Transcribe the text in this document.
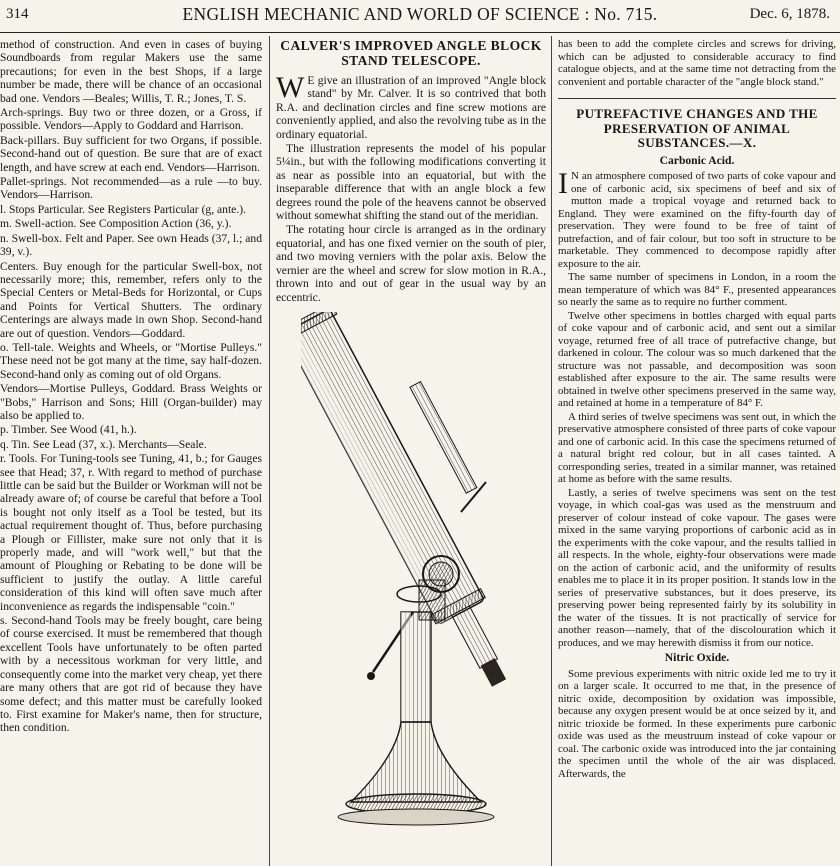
314	ENGLISH MECHANIC AND WORLD OF SCIENCE : No. 715.	Dec. 6, 1878.

method of construction. And even in cases of buying Soundboards from regular Makers use the same precautions; for even in the best Shops, if a large number be made, there will be chance of an occasional bad one. Vendors —Beales; Willis, T. R.; Jones, T. S.

Arch-springs. Buy two or three dozen, or a Gross, if possible. Vendors—Apply to Goddard and Harrison.

Back-pillars. Buy sufficient for two Organs, if possible. Second-hand out of question. Be sure that are of exact length, and have screw at each end. Vendors—Harrison.

Pallet-springs. Not recommended—as a rule —to buy. Vendors—Harrison.

l. Stops Particular. See Registers Particular (g, ante.).

m. Swell-action. See Composition Action (36, y.).

n. Swell-box. Felt and Paper. See own Heads (37, l.; and 39, v.).

Centers. Buy enough for the particular Swell-box, not necessarily more; this, remember, refers only to the Special Centers or Metal-Beds for Horizontal, or Cups and Points for Vertical Shutters. The ordinary Centerings are always made in own Shop. Second-hand are out of question. Vendors—Goddard.

o. Tell-tale. Weights and Wheels, or "Mortise Pulleys." These need not be got many at the time, say half-dozen. Second-hand only as coming out of old Organs.

Vendors—Mortise Pulleys, Goddard. Brass Weights or "Bobs," Harrison and Sons; Hill (Organ-builder) may also be applied to.

p. Timber. See Wood (41, h.).

q. Tin. See Lead (37, x.). Merchants—Seale.

r. Tools. For Tuning-tools see Tuning, 41, b.; for Gauges see that Head; 37, r. With regard to method of purchase little can be said but the Builder or Workman will not be already aware of; of course be careful that before a Tool is bought not only itself as a Tool be tested, but its actual requirement thought of. Thus, before purchasing a Plough or Fillister, make sure not only that it is properly made, and will "work well," but that the amount of Ploughing or Rebating to be done will be sufficient to justify the outlay. A little careful consideration of this kind will often save much after inconvenience as regards the indispensable "coin."

s. Second-hand Tools may be freely bought, care being of course exercised. It must be remembered that though excellent Tools have unfortunately to be often parted with by a necessitous workman for very little, and consequently come into the market very cheap, yet there are many others that are got rid of because they have some defect; and this matter must be carefully looked to. First examine for Maker's name, then for structure, then condition.

CALVER'S IMPROVED ANGLE BLOCK STAND TELESCOPE.

W E give an illustration of an improved "Angle block stand" by Mr. Calver. It is so contrived that both R.A. and declination circles and fine screw motions are conveniently applied, and also the revolving tube as in the ordinary equatorial.

The illustration represents the model of his popular 5¼in., but with the following modifications converting it as near as possible into an equatorial, but with the inseparable difference that with an angle block a few degrees round the pole of the heavens cannot be observed without somewhat shifting the stand out of the meridian.

The rotating hour circle is arranged as in the ordinary equatorial, and has one fixed vernier on the south of pier, and two moving verniers with the polar axis. Below the vernier are the wheel and screw for slow motion in R.A., thrown into and out of gear in the usual way by an eccentric.

has been to add the complete circles and screws for driving, which can be adjusted to considerable accuracy to find catalogue objects, and at the same time not detracting from the convenient and portable character of the "angle block stand."

PUTREFACTIVE CHANGES AND THE PRESERVATION OF ANIMAL SUBSTANCES.—X.
Carbonic Acid.

I N an atmosphere composed of two parts of coke vapour and one of carbonic acid, six specimens of beef and six of mutton made a tropical voyage and returned back to England. They were examined on the fifty-fourth day of preservation. They were found to be free of taint of putrefaction, and of fair colour, but too soft in structure to be marketable. They commenced to decompose rapidly after exposure to the air.

The same number of specimens in London, in a room the mean temperature of which was 84° F., presented appearances so nearly the same as to require no further comment.

Twelve other specimens in bottles charged with equal parts of coke vapour and of carbonic acid, and sent out a similar voyage, returned free of all trace of putrefactive change, but darkened in colour. The colour was so much darkened that the structure was not passable, and decomposition was soon established after exposure to the air. The same results were obtained in twelve other specimens preserved in the same way, and retained at home in a temperature of 84° F.

A third series of twelve specimens was sent out, in which the preservative atmosphere consisted of three parts of coke vapour and one of carbonic acid. In this case the specimens returned of a natural bright red colour, but in all cases tainted. A corresponding series, treated in a similar manner, was retained at home as before with the same results.

Lastly, a series of twelve specimens was sent on the test voyage, in which coal-gas was used as the menstruum and preserver of colour instead of coke vapour. The gases were mixed in the same varying proportions of carbonic acid as in the experiments with the coke vapour, and the results tallied in all respects. In the whole, eighty-four observations were made on the action of carbonic acid, and the uniformity of results enables me to place it in its proper position. It stands low in the series of preservative substances, but it does preserve, its preserving power being represented fairly by its solubility in the water of the tissues. It is not practically of service for another reason—namely, that of the discolouration which it produces, and we may herewith dismiss it from our notice.

Nitric Oxide.

Some previous experiments with nitric oxide led me to try it on a larger scale. It occurred to me that, in the presence of nitric oxide, decomposition by oxidation was impossible, because any oxygen present would be at once seized by it, and nitric trioxide be formed. In these experiments pure carbonic oxide was used as the meustruum instead of coke vapour or coal. The carbonic oxide was introduced into the jar containing the specimen until the whole of the air was displaced. Afterwards, the
